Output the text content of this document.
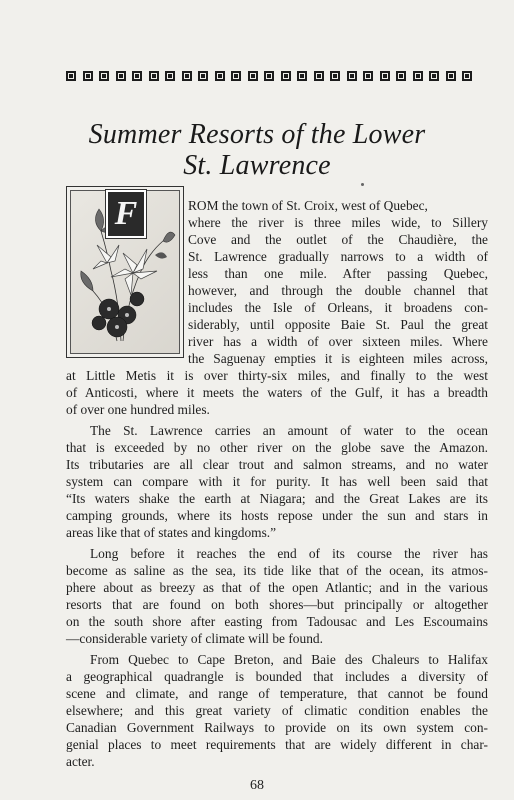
Summer Resorts of the Lower
St. Lawrence
F	ROM the town of St. Croix, west of Quebec,
where the river is three miles wide, to Sillery
Cove and the outlet of the Chaudière, the
St. Lawrence gradually narrows to a width of
less than one mile. After passing Quebec,
however, and through the double channel that
includes the Isle of Orleans, it broadens con-
siderably, until opposite Baie St. Paul the great
river has a width of over sixteen miles. Where
the Saguenay empties it is eighteen miles across,
at Little Metis it is over thirty-six miles, and finally to the west
of Anticosti, where it meets the waters of the Gulf, it has a breadth
of over one hundred miles.
The St. Lawrence carries an amount of water to the ocean
that is exceeded by no other river on the globe save the Amazon.
Its tributaries are all clear trout and salmon streams, and no water
system can compare with it for purity. It has well been said that
“Its waters shake the earth at Niagara; and the Great Lakes are its
camping grounds, where its hosts repose under the sun and stars in
areas like that of states and kingdoms.”
Long before it reaches the end of its course the river has
become as saline as the sea, its tide like that of the ocean, its atmos-
phere about as breezy as that of the open Atlantic; and in the various
resorts that are found on both shores—but principally or altogether
on the south shore after easting from Tadousac and Les Escoumains
—considerable variety of climate will be found.
From Quebec to Cape Breton, and Baie des Chaleurs to Halifax
a geographical quadrangle is bounded that includes a diversity of
scene and climate, and range of temperature, that cannot be found
elsewhere; and this great variety of climatic condition enables the
Canadian Government Railways to provide on its own system con-
genial places to meet requirements that are widely different in char-
acter.
68
